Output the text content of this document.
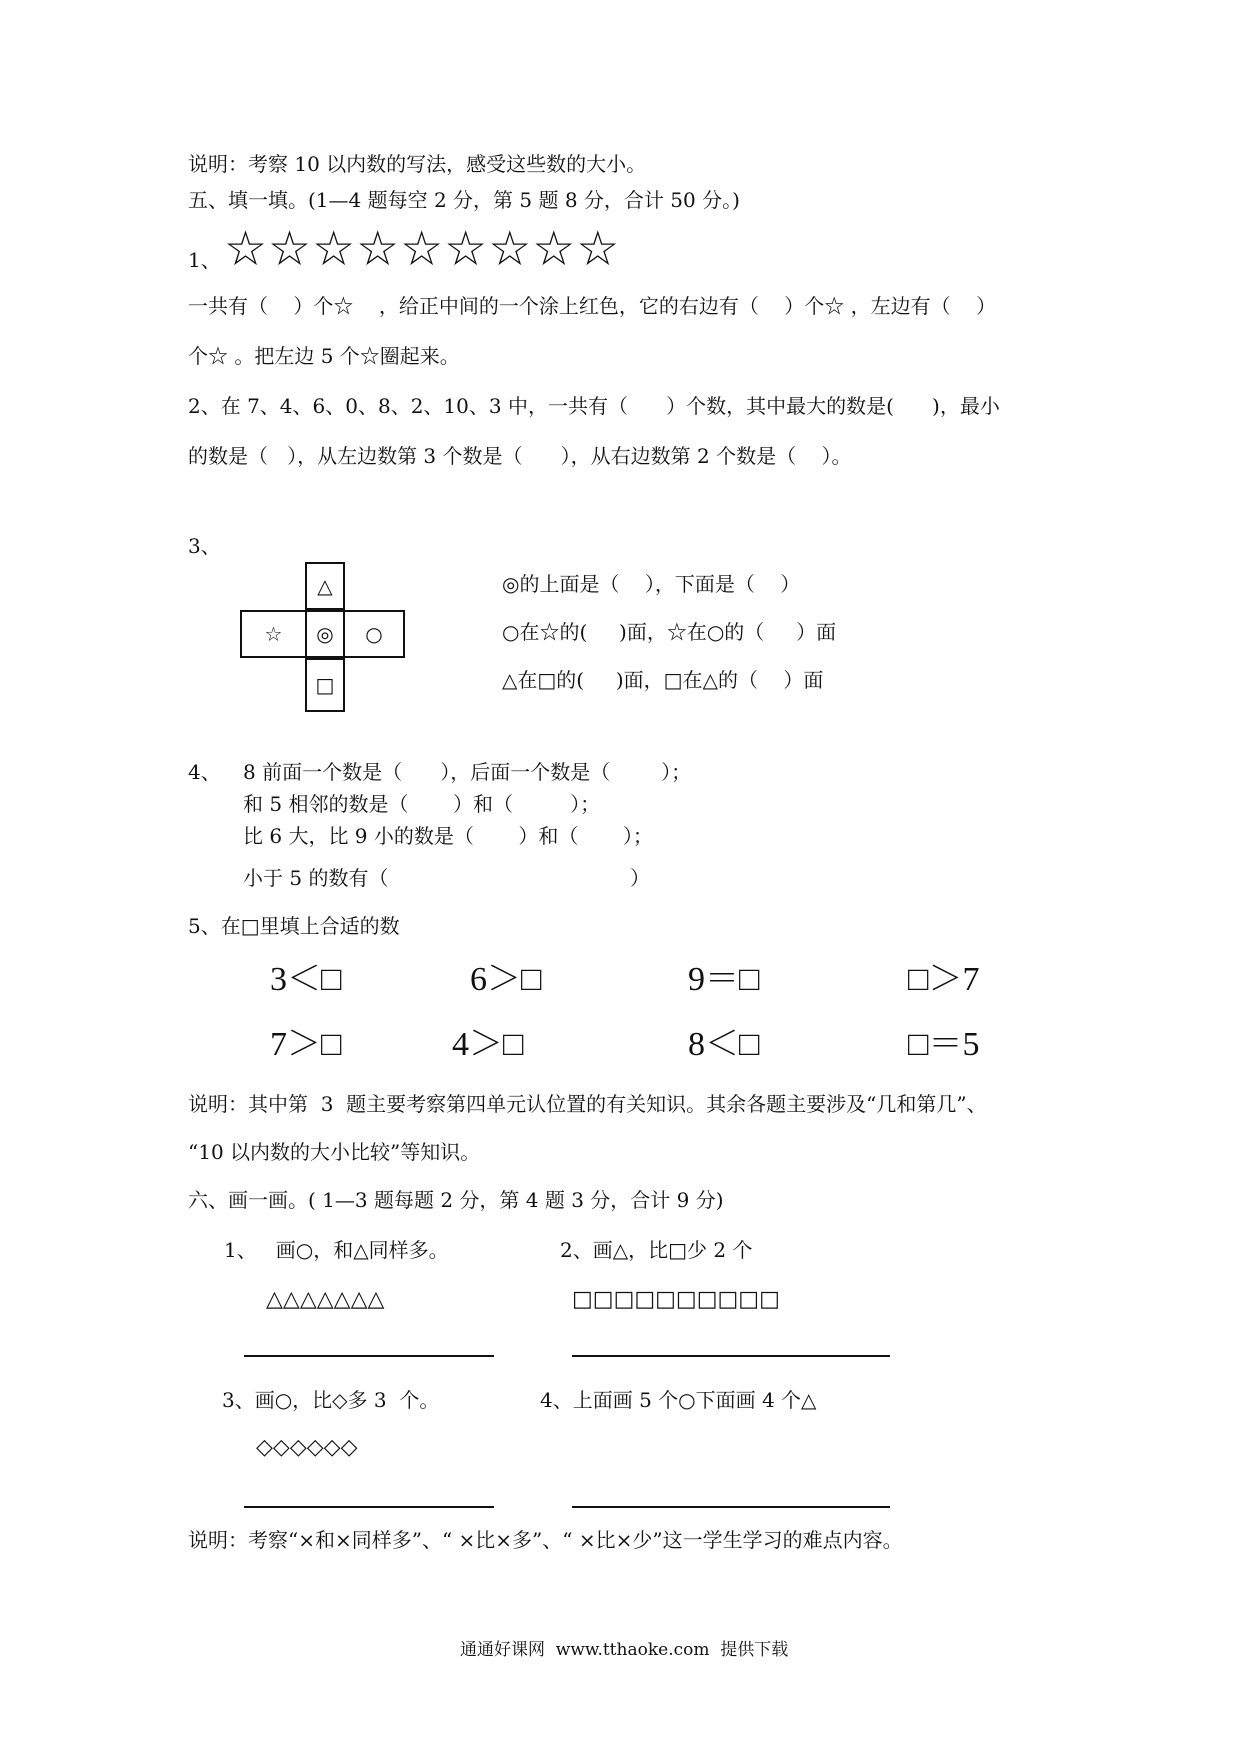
说明：考察 10 以内数的写法，感受这些数的大小。
五、填一填。(1—4 题每空 2 分，第 5 题 8 分，合计 50 分。)
1、 ☆☆☆☆☆☆☆☆☆
一共有（    ）个☆    ，给正中间的一个涂上红色，它的右边有（    ）个☆ ，左边有（    ）
个☆ 。把左边 5 个☆圈起来。
2、在 7、4、6、0、8、2、10、3 中，一共有（      ）个数，其中最大的数是(      )，最小
的数是（   ），从左边数第 3 个数是（      ），从右边数第 2 个数是（    ）。
3、
△
☆	◎	○
□
◎的上面是（    ），下面是（    ）
○在☆的(     )面，☆在○的（     ）面
△在□的(     )面，□在△的（    ）面
4、 8 前面一个数是（      ），后面一个数是（        ）；
和 5 相邻的数是（       ）和（         ）；
比 6 大，比 9 小的数是（       ）和（       ）；
小于 5 的数有（                                      ）
5、在□里填上合适的数
3＜□	6＞□	9＝□	□＞7
7＞□	4＞□	8＜□	□＝5
说明：其中第  3  题主要考察第四单元认位置的有关知识。其余各题主要涉及“几和第几”、
“10 以内数的大小比较”等知识。
六、画一画。( 1—3 题每题 2 分，第 4 题 3 分，合计 9 分)
1、   画○，和△同样多。
△△△△△△△
2、画△，比□少 2 个
□□□□□□□□□□
3、画○，比◇多 3  个。
◇◇◇◇◇◇
4、上面画 5 个○下面画 4 个△
说明：考察“×和×同样多”、“ ×比×多”、“ ×比×少”这一学生学习的难点内容。
通通好课网  www.tthaoke.com  提供下载
